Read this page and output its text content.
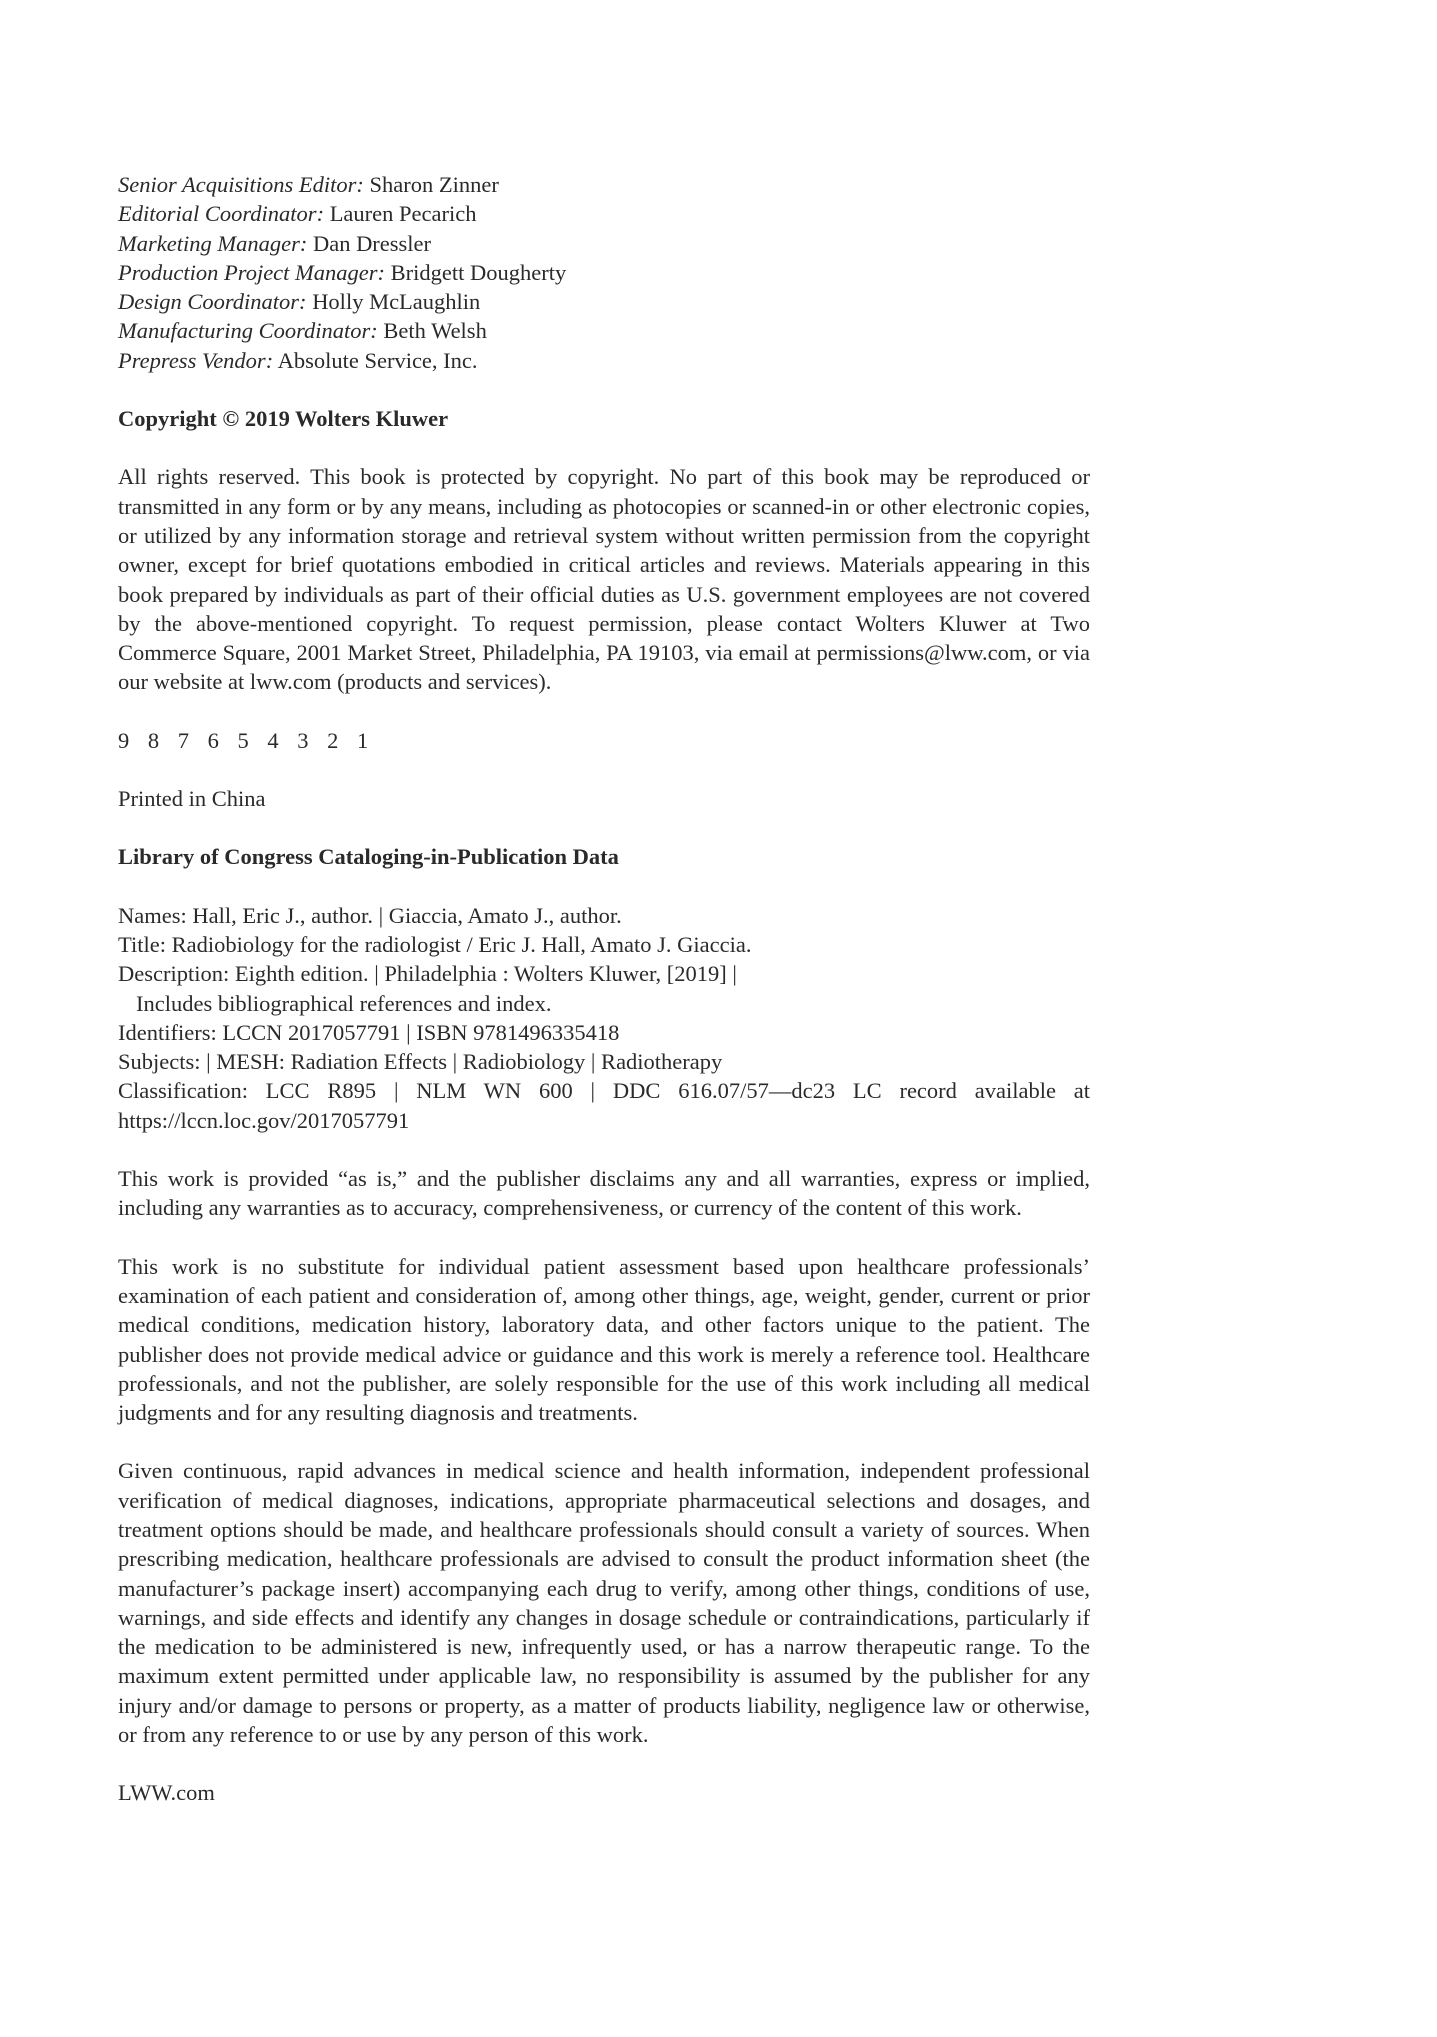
Senior Acquisitions Editor: Sharon Zinner
Editorial Coordinator: Lauren Pecarich
Marketing Manager: Dan Dressler
Production Project Manager: Bridgett Dougherty
Design Coordinator: Holly McLaughlin
Manufacturing Coordinator: Beth Welsh
Prepress Vendor: Absolute Service, Inc.
Copyright © 2019 Wolters Kluwer
All rights reserved. This book is protected by copyright. No part of this book may be reproduced or transmitted in any form or by any means, including as photocopies or scanned-in or other electronic copies, or utilized by any information storage and retrieval system without written permission from the copyright owner, except for brief quotations embodied in critical articles and reviews. Materials appearing in this book prepared by individuals as part of their official duties as U.S. government employees are not covered by the above-mentioned copyright. To request permission, please contact Wolters Kluwer at Two Commerce Square, 2001 Market Street, Philadelphia, PA 19103, via email at permissions@lww.com, or via our website at lww.com (products and services).
9 8 7 6 5 4 3 2 1
Printed in China
Library of Congress Cataloging-in-Publication Data
Names: Hall, Eric J., author. | Giaccia, Amato J., author.
Title: Radiobiology for the radiologist / Eric J. Hall, Amato J. Giaccia.
Description: Eighth edition. | Philadelphia : Wolters Kluwer, [2019] |
Includes bibliographical references and index.
Identifiers: LCCN 2017057791 | ISBN 9781496335418
Subjects: | MESH: Radiation Effects | Radiobiology | Radiotherapy
Classification: LCC R895 | NLM WN 600 | DDC 616.07/57—dc23 LC record available at https://lccn.loc.gov/2017057791
This work is provided “as is,” and the publisher disclaims any and all warranties, express or implied, including any warranties as to accuracy, comprehensiveness, or currency of the content of this work.
This work is no substitute for individual patient assessment based upon healthcare professionals’ examination of each patient and consideration of, among other things, age, weight, gender, current or prior medical conditions, medication history, laboratory data, and other factors unique to the patient. The publisher does not provide medical advice or guidance and this work is merely a reference tool. Healthcare professionals, and not the publisher, are solely responsible for the use of this work including all medical judgments and for any resulting diagnosis and treatments.
Given continuous, rapid advances in medical science and health information, independent professional verification of medical diagnoses, indications, appropriate pharmaceutical selections and dosages, and treatment options should be made, and healthcare professionals should consult a variety of sources. When prescribing medication, healthcare professionals are advised to consult the product information sheet (the manufacturer’s package insert) accompanying each drug to verify, among other things, conditions of use, warnings, and side effects and identify any changes in dosage schedule or contraindications, particularly if the medication to be administered is new, infrequently used, or has a narrow therapeutic range. To the maximum extent permitted under applicable law, no responsibility is assumed by the publisher for any injury and/or damage to persons or property, as a matter of products liability, negligence law or otherwise, or from any reference to or use by any person of this work.
LWW.com
